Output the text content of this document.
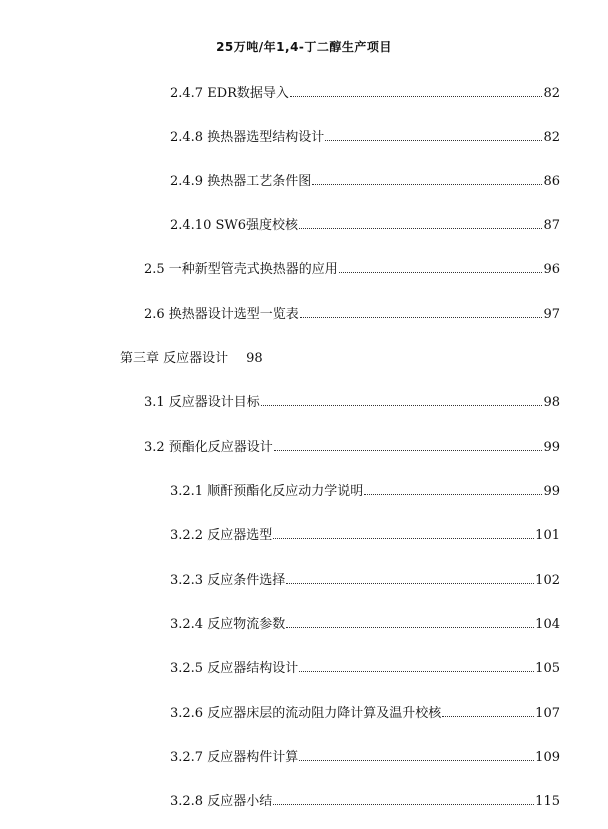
25万吨/年1,4-丁二醇生产项目
2.4.7 EDR数据导入	82
2.4.8 换热器选型结构设计	82
2.4.9 换热器工艺条件图	86
2.4.10 SW6强度校核	87
2.5 一种新型管壳式换热器的应用	96
2.6 换热器设计选型一览表	97
第三章 反应器设计 98
3.1 反应器设计目标	98
3.2 预酯化反应器设计	99
3.2.1 顺酐预酯化反应动力学说明	99
3.2.2 反应器选型	101
3.2.3 反应条件选择	102
3.2.4 反应物流参数	104
3.2.5 反应器结构设计	105
3.2.6 反应器床层的流动阻力降计算及温升校核	107
3.2.7 反应器构件计算	109
3.2.8 反应器小结	115
